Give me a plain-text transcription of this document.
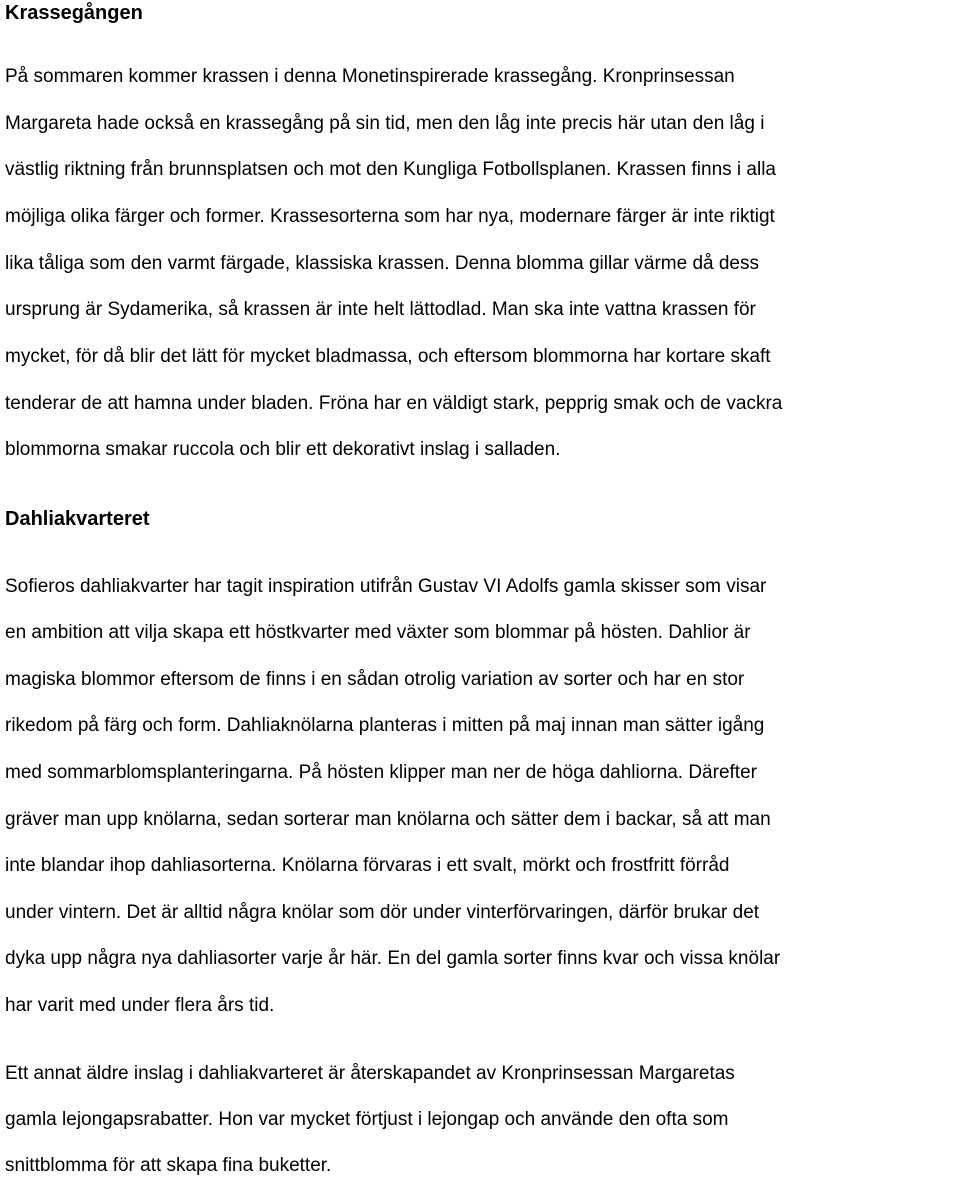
Krassegången
På sommaren kommer krassen i denna Monetinspirerade krassegång. Kronprinsessan
Margareta hade också en krassegång på sin tid, men den låg inte precis här utan den låg i
västlig riktning från brunnsplatsen och mot den Kungliga Fotbollsplanen. Krassen finns i alla
möjliga olika färger och former. Krassesorterna som har nya, modernare färger är inte riktigt
lika tåliga som den varmt färgade, klassiska krassen. Denna blomma gillar värme då dess
ursprung är Sydamerika, så krassen är inte helt lättodlad. Man ska inte vattna krassen för
mycket, för då blir det lätt för mycket bladmassa, och eftersom blommorna har kortare skaft
tenderar de att hamna under bladen. Fröna har en väldigt stark, pepprig smak och de vackra
blommorna smakar ruccola och blir ett dekorativt inslag i salladen.
Dahliakvarteret
Sofieros dahliakvarter har tagit inspiration utifrån Gustav VI Adolfs gamla skisser som visar
en ambition att vilja skapa ett höstkvarter med växter som blommar på hösten. Dahlior är
magiska blommor eftersom de finns i en sådan otrolig variation av sorter och har en stor
rikedom på färg och form. Dahliaknölarna planteras i mitten på maj innan man sätter igång
med sommarblomsplanteringarna. På hösten klipper man ner de höga dahliorna. Därefter
gräver man upp knölarna, sedan sorterar man knölarna och sätter dem i backar, så att man
inte blandar ihop dahliasorterna. Knölarna förvaras i ett svalt, mörkt och frostfritt förråd
under vintern. Det är alltid några knölar som dör under vinterförvaringen, därför brukar det
dyka upp några nya dahliasorter varje år här. En del gamla sorter finns kvar och vissa knölar
har varit med under flera års tid.
Ett annat äldre inslag i dahliakvarteret är återskapandet av Kronprinsessan Margaretas
gamla lejongapsrabatter. Hon var mycket förtjust i lejongap och använde den ofta som
snittblomma för att skapa fina buketter.
